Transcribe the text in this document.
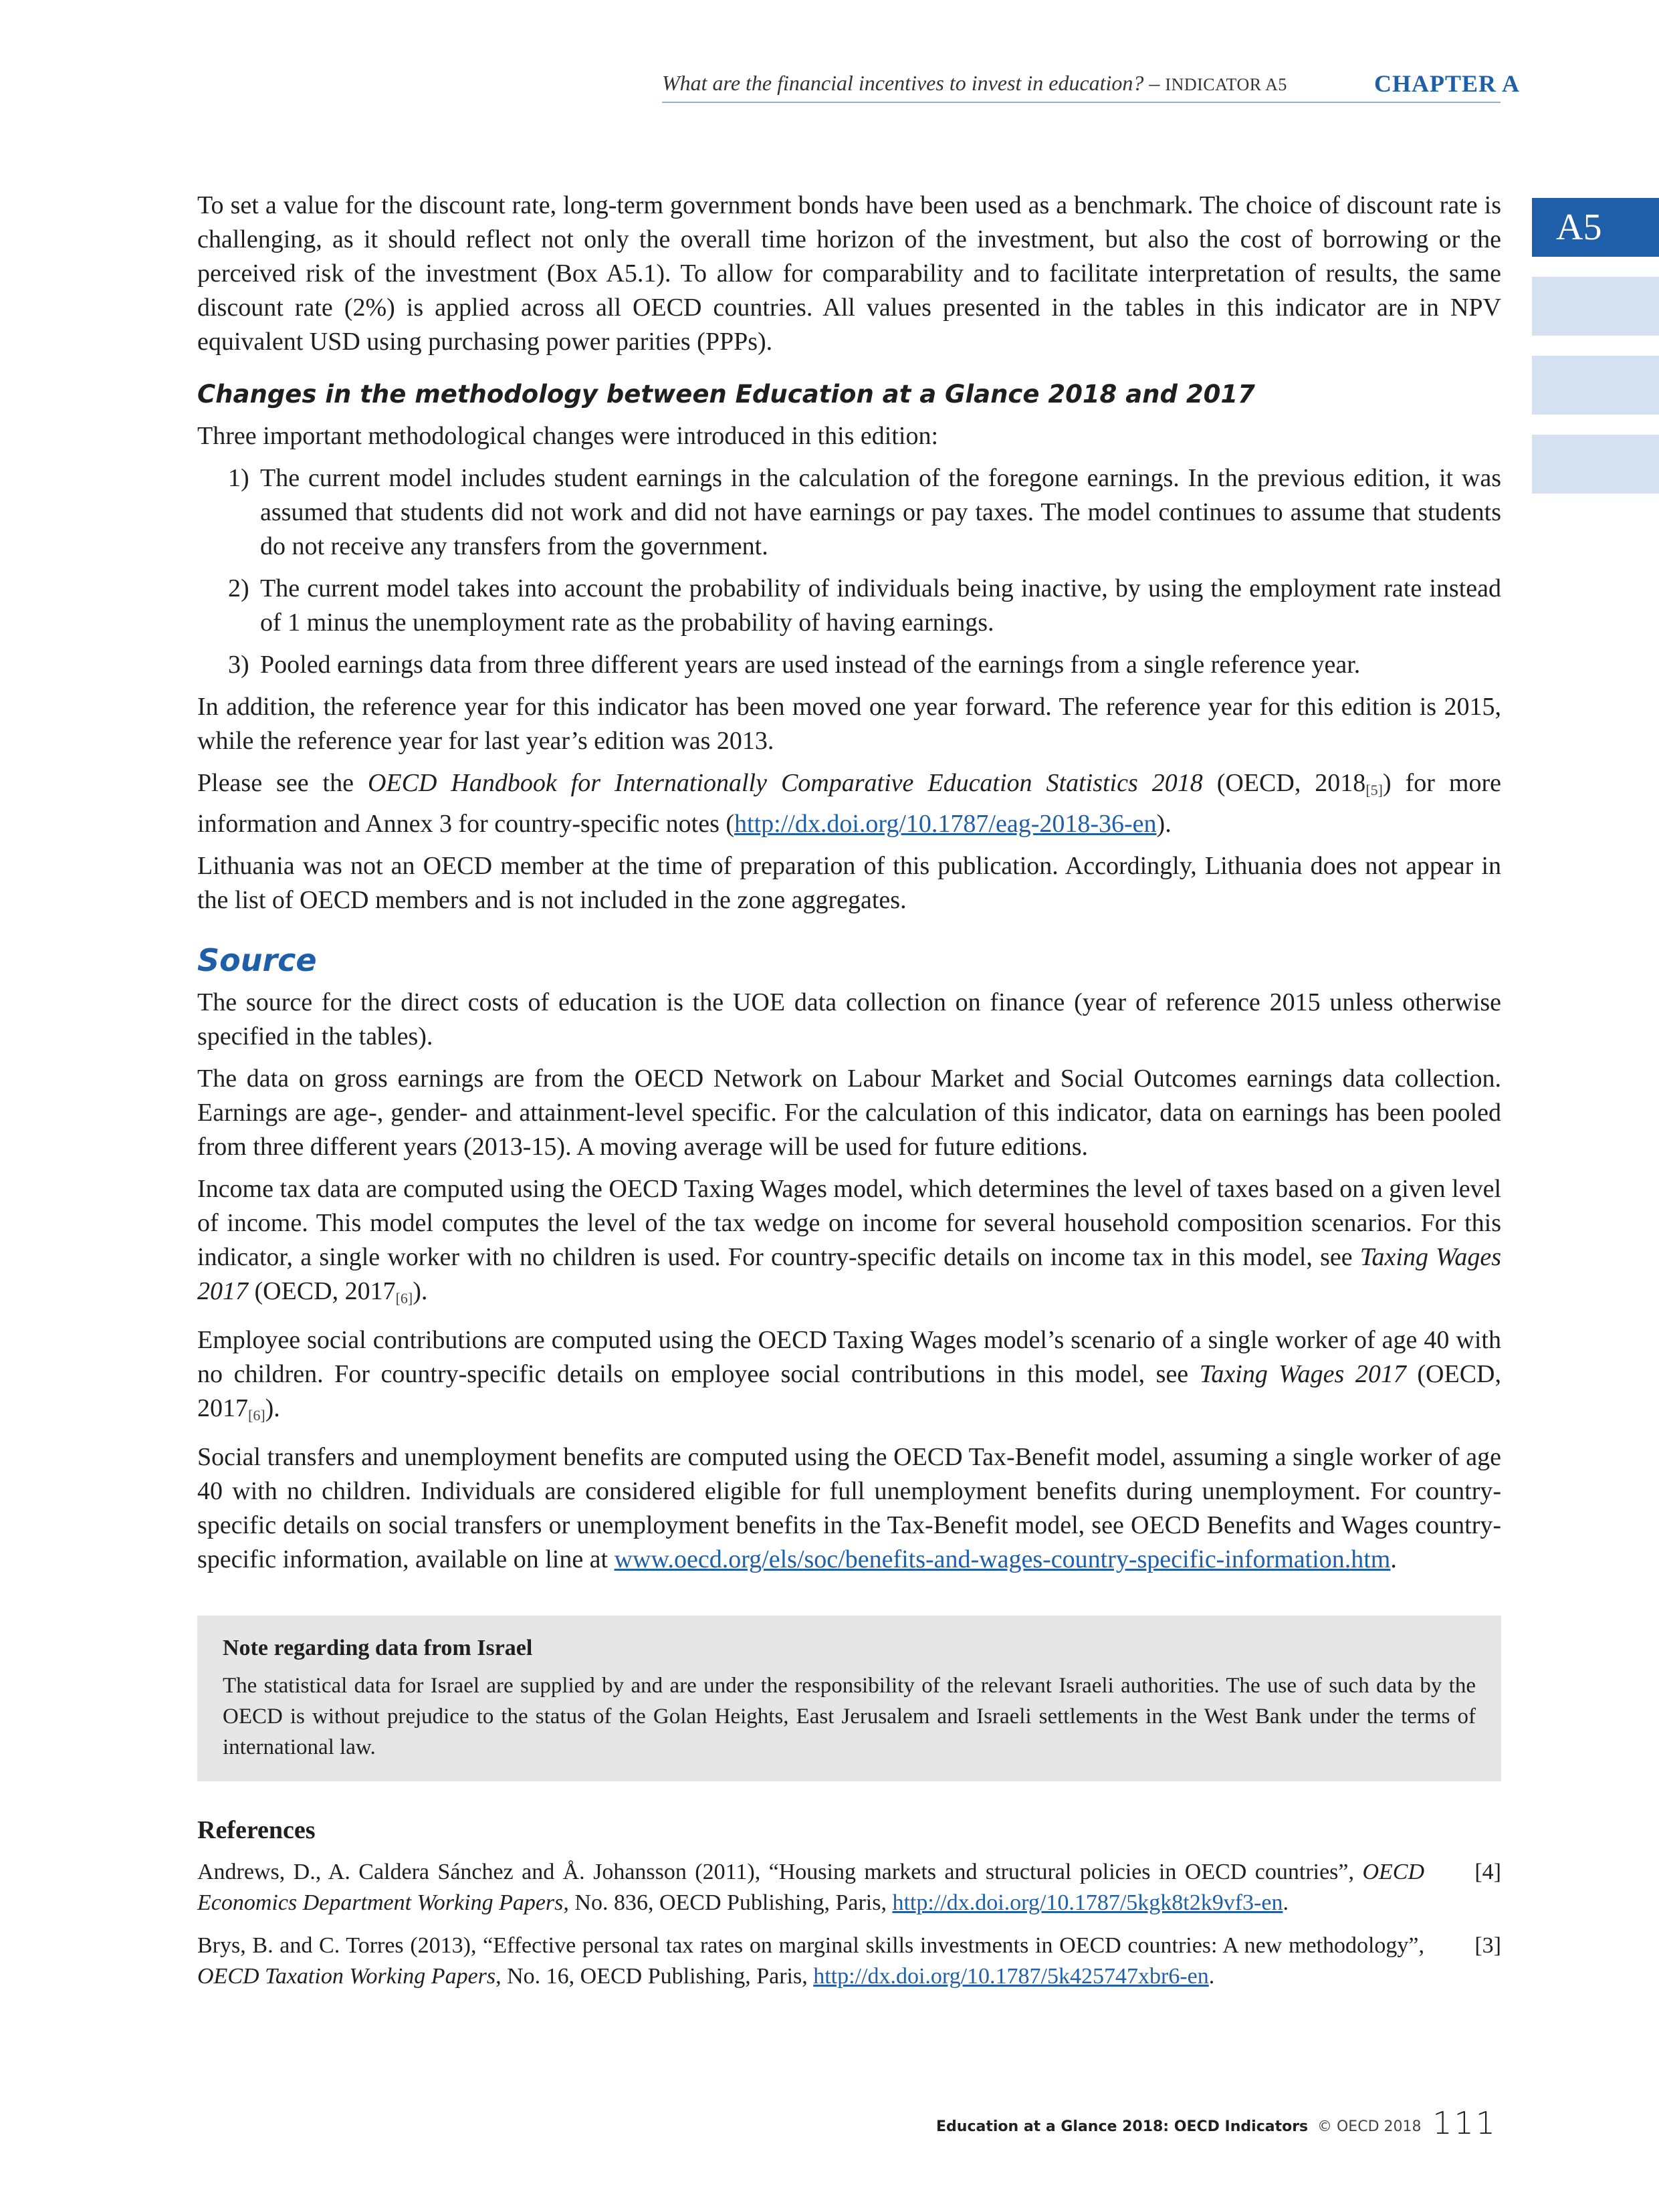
What are the financial incentives to invest in education? – INDICATOR A5	CHAPTER A
A5

To set a value for the discount rate, long-term government bonds have been used as a benchmark. The choice of discount rate is challenging, as it should reflect not only the overall time horizon of the investment, but also the cost of borrowing or the perceived risk of the investment (Box A5.1). To allow for comparability and to facilitate interpretation of results, the same discount rate (2%) is applied across all OECD countries. All values presented in the tables in this indicator are in NPV equivalent USD using purchasing power parities (PPPs).

Changes in the methodology between Education at a Glance 2018 and 2017

Three important methodological changes were introduced in this edition:

1) The current model includes student earnings in the calculation of the foregone earnings. In the previous edition, it was assumed that students did not work and did not have earnings or pay taxes. The model continues to assume that students do not receive any transfers from the government.
2) The current model takes into account the probability of individuals being inactive, by using the employment rate instead of 1 minus the unemployment rate as the probability of having earnings.
3) Pooled earnings data from three different years are used instead of the earnings from a single reference year.

In addition, the reference year for this indicator has been moved one year forward. The reference year for this edition is 2015, while the reference year for last year’s edition was 2013.

Please see the OECD Handbook for Internationally Comparative Education Statistics 2018 (OECD, $2018_{[5]}$) for more information and Annex 3 for country-specific notes (http://dx.doi.org/10.1787/eag-2018-36-en).

Lithuania was not an OECD member at the time of preparation of this publication. Accordingly, Lithuania does not appear in the list of OECD members and is not included in the zone aggregates.

Source

The source for the direct costs of education is the UOE data collection on finance (year of reference 2015 unless otherwise specified in the tables).

The data on gross earnings are from the OECD Network on Labour Market and Social Outcomes earnings data collection. Earnings are age-, gender- and attainment-level specific. For the calculation of this indicator, data on earnings has been pooled from three different years (2013-15). A moving average will be used for future editions.

Income tax data are computed using the OECD Taxing Wages model, which determines the level of taxes based on a given level of income. This model computes the level of the tax wedge on income for several household composition scenarios. For this indicator, a single worker with no children is used. For country-specific details on income tax in this model, see Taxing Wages 2017 (OECD, $2017_{[6]}$).

Employee social contributions are computed using the OECD Taxing Wages model’s scenario of a single worker of age 40 with no children. For country-specific details on employee social contributions in this model, see Taxing Wages 2017 (OECD, $2017_{[6]}$).

Social transfers and unemployment benefits are computed using the OECD Tax-Benefit model, assuming a single worker of age 40 with no children. Individuals are considered eligible for full unemployment benefits during unemployment. For country-specific details on social transfers or unemployment benefits in the Tax-Benefit model, see OECD Benefits and Wages country-specific information, available on line at www.oecd.org/els/soc/benefits-and-wages-country-specific-information.htm.

Note regarding data from Israel
The statistical data for Israel are supplied by and are under the responsibility of the relevant Israeli authorities. The use of such data by the OECD is without prejudice to the status of the Golan Heights, East Jerusalem and Israeli settlements in the West Bank under the terms of international law.
References
Andrews, D., A. Caldera Sánchez and Å. Johansson (2011), “Housing markets and structural policies in OECD countries”, OECD Economics Department Working Papers, No. 836, OECD Publishing, Paris, http://dx.doi.org/10.1787/5kgk8t2k9vf3-en.
[4]
Brys, B. and C. Torres (2013), “Effective personal tax rates on marginal skills investments in OECD countries: A new methodology”, OECD Taxation Working Papers, No. 16, OECD Publishing, Paris, http://dx.doi.org/10.1787/5k425747xbr6-en.
[3]
Education at a Glance 2018: OECD Indicators © OECD 2018 111
